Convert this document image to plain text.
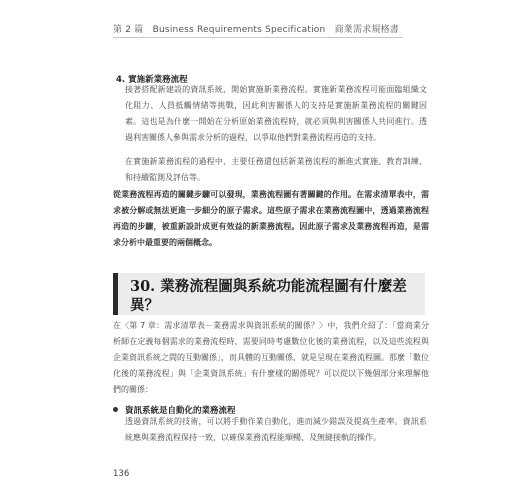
第 2 篇　Business Requirements Specification　商業需求規格書
4. 實施新業務流程

接著搭配新建設的資訊系統，開始實施新業務流程。實施新業務流程可能面臨組織文化阻力、人員抵觸情緒等挑戰，因此利害關係人的支持是實施新業務流程的關鍵因素。這也是為什麼一開始在分析原始業務流程時，就必須與利害關係人共同進行。透過利害關係人參與需求分析的過程，以爭取他們對業務流程再造的支持。

在實施新業務流程的過程中，主要任務還包括新業務流程的漸進式實施、教育訓練、和持續監測及評估等。

從業務流程再造的關鍵步驟可以發現，業務流程圖有著關鍵的作用。在需求清單表中，需求被分解或無法更進一步細分的原子需求。這些原子需求在業務流程圖中，透過業務流程再造的步驟，被重新設計成更有效益的新業務流程。因此原子需求及業務流程再造，是需求分析中最重要的兩個概念。

30. 業務流程圖與系統功能流程圖有什麼差異？

在〈第 7 章：需求清單表－業務需求與資訊系統的關係？〉中，我們介紹了：「當商業分析師在定義每個需求的業務流程時，需要同時考慮數位化後的業務流程，以及這些流程與企業資訊系統之間的互動關係」，而具體的互動關係，就是呈現在業務流程圖。那麼「數位化後的業務流程」與「企業資訊系統」有什麼樣的關係呢？可以從以下幾個部分來理解他們的關係：

資訊系統是自動化的業務流程

透過資訊系統的技術，可以將手動作業自動化，進而減少錯誤及提高生產率。資訊系統應與業務流程保持一致，以確保業務流程能順暢、及無縫接軌的操作。

136
